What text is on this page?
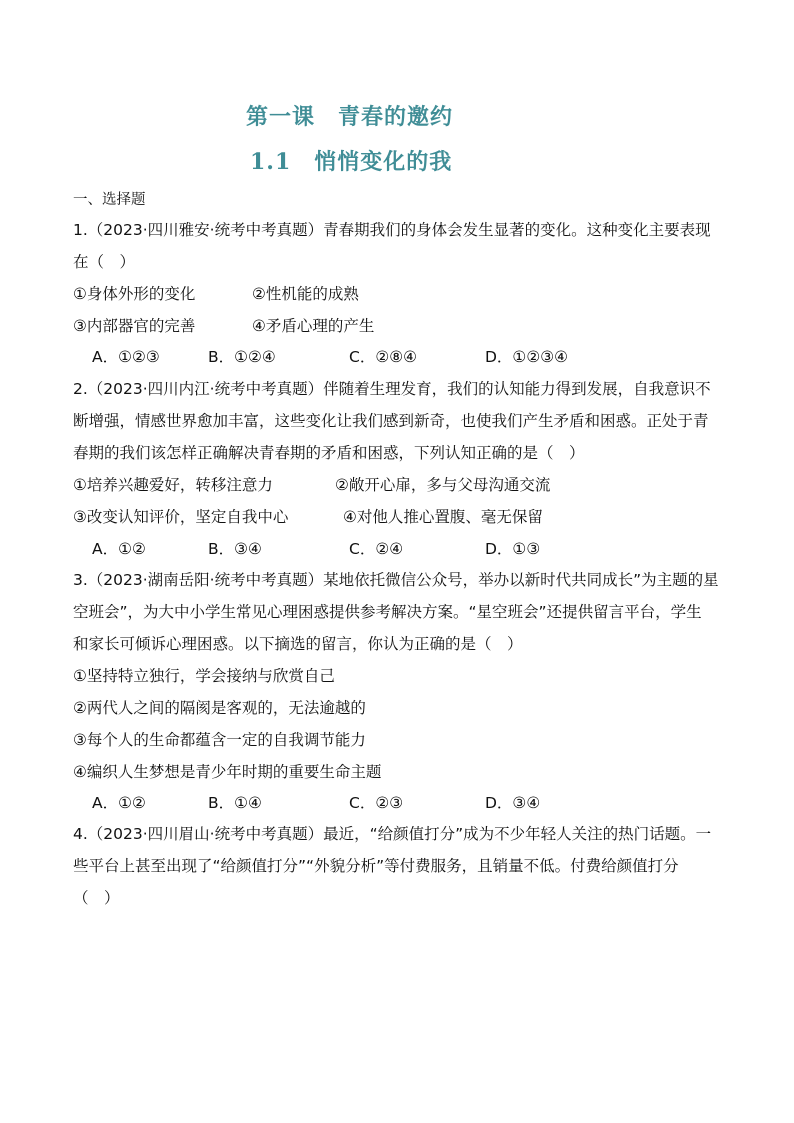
第一课　青春的邀约
1.1　悄悄变化的我
一、选择题
1.（2023·四川雅安·统考中考真题）青春期我们的身体会发生显著的变化。这种变化主要表现
在（　）
①身体外形的变化	②性机能的成熟
③内部器官的完善	④矛盾心理的产生
A．①②③	B．①②④	C．②⑧④	D．①②③④
2.（2023·四川内江·统考中考真题）伴随着生理发育，我们的认知能力得到发展，自我意识不
断增强，情感世界愈加丰富，这些变化让我们感到新奇，也使我们产生矛盾和困惑。正处于青
春期的我们该怎样正确解决青春期的矛盾和困惑，下列认知正确的是（　）
①培养兴趣爱好，转移注意力	②敞开心扉，多与父母沟通交流
③改变认知评价，坚定自我中心	④对他人推心置腹、毫无保留
A．①②	B．③④	C．②④	D．①③
3.（2023·湖南岳阳·统考中考真题）某地依托微信公众号，举办以新时代共同成长”为主题的星
空班会”，为大中小学生常见心理困惑提供参考解决方案。“星空班会”还提供留言平台，学生
和家长可倾诉心理困惑。以下摘选的留言，你认为正确的是（　）
①坚持特立独行，学会接纳与欣赏自己
②两代人之间的隔阂是客观的，无法逾越的
③每个人的生命都蕴含一定的自我调节能力
④编织人生梦想是青少年时期的重要生命主题
A．①②	B．①④	C．②③	D．③④
4.（2023·四川眉山·统考中考真题）最近，“给颜值打分”成为不少年轻人关注的热门话题。一
些平台上甚至出现了“给颜值打分”“外貌分析”等付费服务，且销量不低。付费给颜值打分
（　）
